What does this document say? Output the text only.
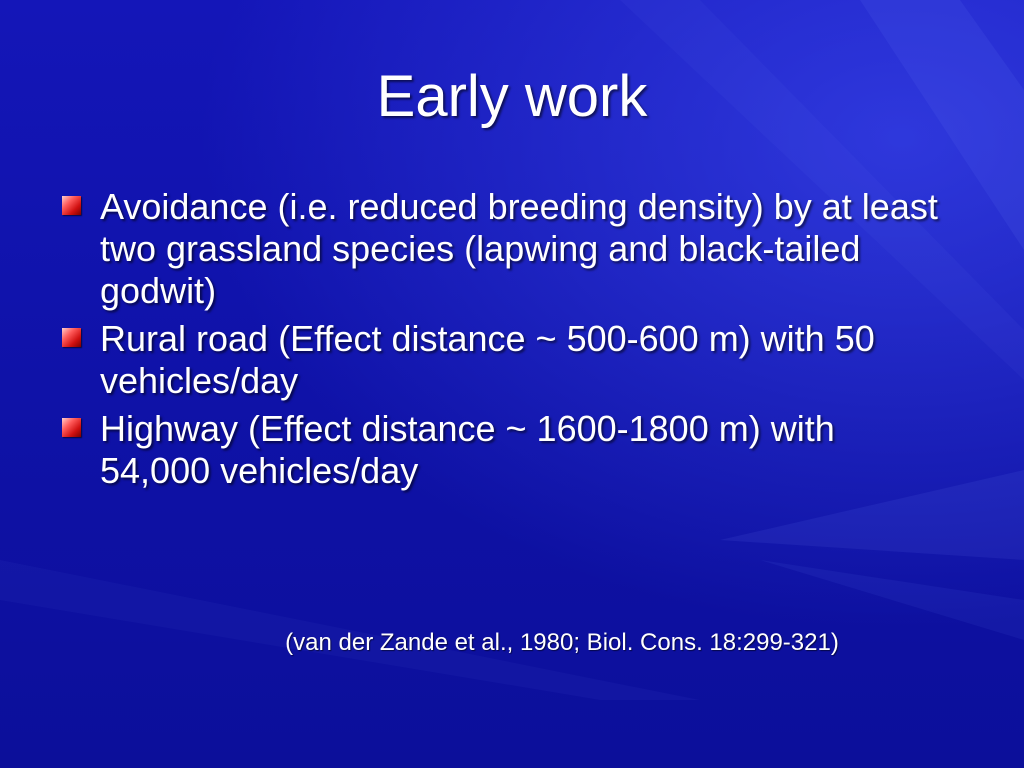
Early work
Avoidance (i.e. reduced breeding density) by at least two grassland species (lapwing and black-tailed godwit)
Rural road (Effect distance ~ 500-600 m) with 50 vehicles/day
Highway (Effect distance ~ 1600-1800 m) with 54,000 vehicles/day
(van der Zande et al., 1980; Biol. Cons. 18:299-321)
